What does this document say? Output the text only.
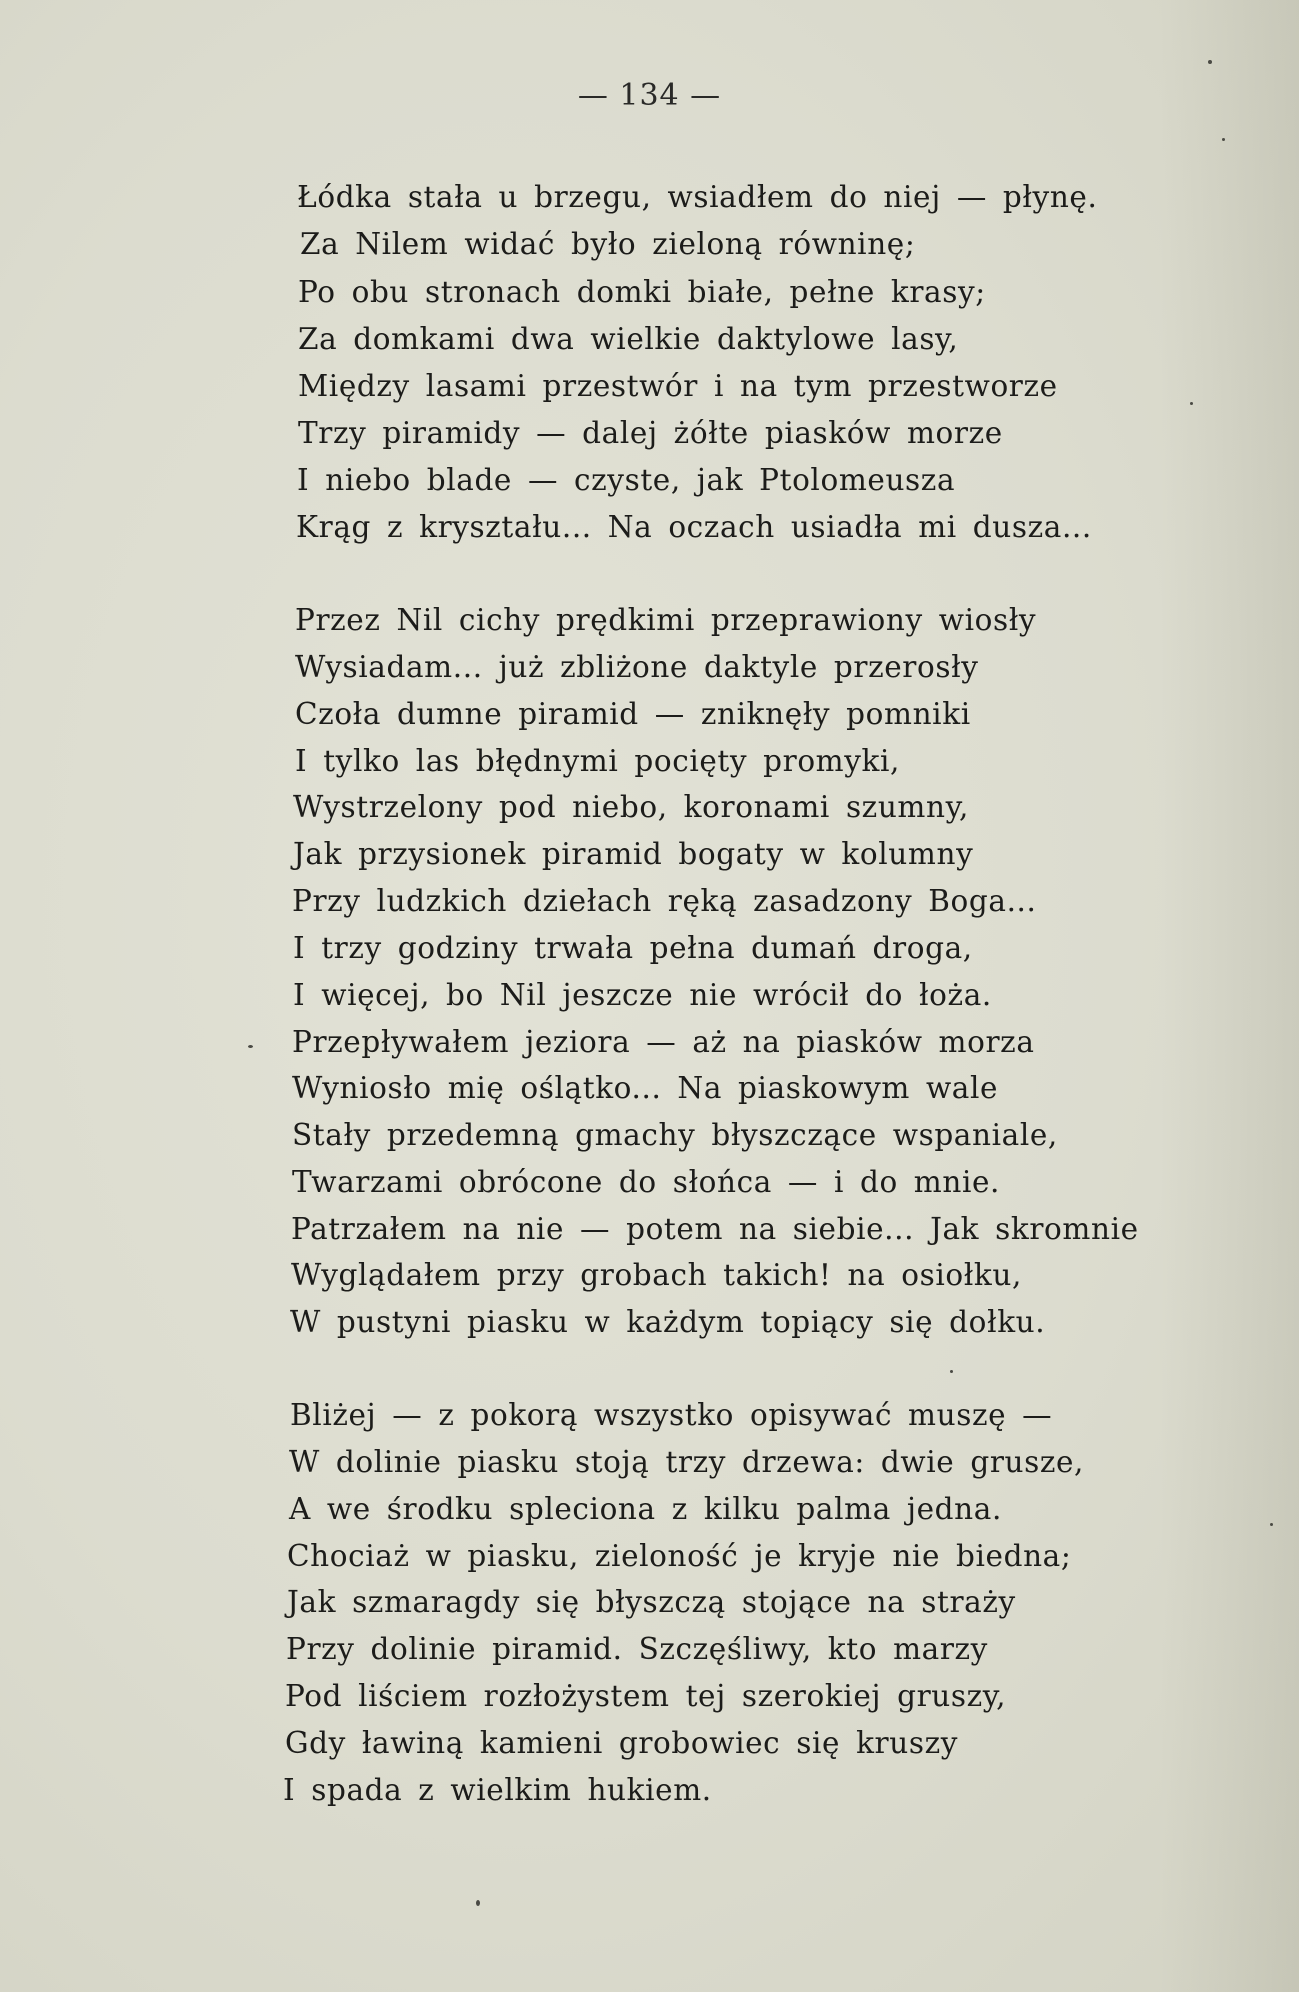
— 134 —
Łódka stała u brzegu, wsiadłem do niej — płynę.
Za Nilem widać było zieloną równinę;
Po obu stronach domki białe, pełne krasy;
Za domkami dwa wielkie daktylowe lasy,
Między lasami przestwór i na tym przestworze
Trzy piramidy — dalej żółte piasków morze
I niebo blade — czyste, jak Ptolomeusza
Krąg z kryształu... Na oczach usiadła mi dusza...
Przez Nil cichy prędkimi przeprawiony wiosły
Wysiadam... już zbliżone daktyle przerosły
Czoła dumne piramid — zniknęły pomniki
I tylko las błędnymi pocięty promyki,
Wystrzelony pod niebo, koronami szumny,
Jak przysionek piramid bogaty w kolumny
Przy ludzkich dziełach ręką zasadzony Boga...
I trzy godziny trwała pełna dumań droga,
I więcej, bo Nil jeszcze nie wrócił do łoża.
Przepływałem jeziora — aż na piasków morza
Wyniosło mię oślątko... Na piaskowym wale
Stały przedemną gmachy błyszczące wspaniale,
Twarzami obrócone do słońca — i do mnie.
Patrzałem na nie — potem na siebie... Jak skromnie
Wyglądałem przy grobach takich! na osiołku,
W pustyni piasku w każdym topiący się dołku.
Bliżej — z pokorą wszystko opisywać muszę —
W dolinie piasku stoją trzy drzewa: dwie grusze,
A we środku spleciona z kilku palma jedna.
Chociaż w piasku, zieloność je kryje nie biedna;
Jak szmaragdy się błyszczą stojące na straży
Przy dolinie piramid. Szczęśliwy, kto marzy
Pod liściem rozłożystem tej szerokiej gruszy,
Gdy ławiną kamieni grobowiec się kruszy
I spada z wielkim hukiem.
